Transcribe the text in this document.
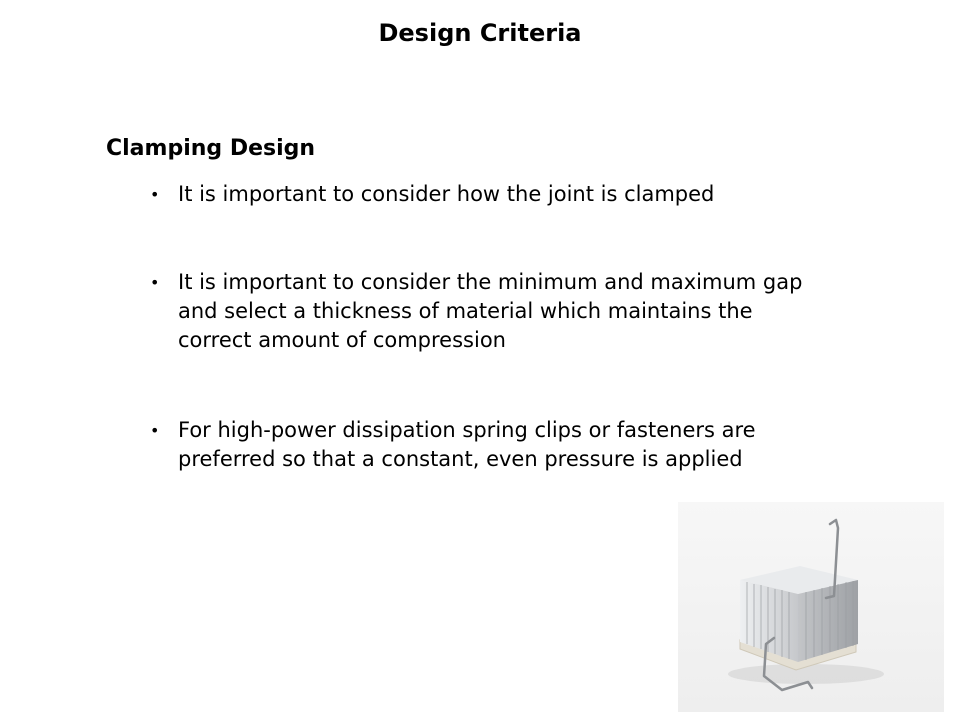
Design Criteria
Clamping Design
• It is important to consider how the joint is clamped
• It is important to consider the minimum and maximum gap
and select a thickness of material which maintains the
correct amount of compression
• For high-power dissipation spring clips or fasteners are
preferred so that a constant, even pressure is applied
